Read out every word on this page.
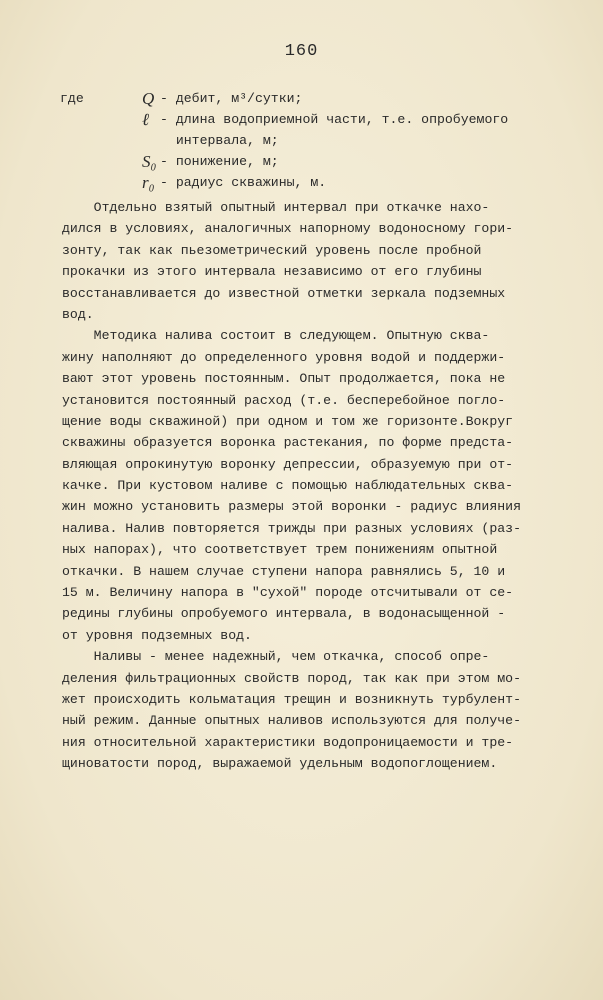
160
где	Q - дебит, м³/сутки;
ℓ - длина водоприемной части, т.е. опробуемого
интервала, м;
S₀ - понижение, м;
r₀ - радиус скважины, м.
Отдельно взятый опытный интервал при откачке нахо-
дился в условиях, аналогичных напорному водоносному гори-
зонту, так как пьезометрический уровень после пробной
прокачки из этого интервала независимо от его глубины
восстанавливается до известной отметки зеркала подземных
вод.
Методика налива состоит в следующем. Опытную сква-
жину наполняют до определенного уровня водой и поддержи-
вают этот уровень постоянным. Опыт продолжается, пока не
установится постоянный расход (т.е. бесперебойное погло-
щение воды скважиной) при одном и том же горизонте.Вокруг
скважины образуется воронка растекания, по форме предста-
вляющая опрокинутую воронку депрессии, образуемую при от-
качке. При кустовом наливе с помощью наблюдательных сква-
жин можно установить размеры этой воронки - радиус влияния
налива. Налив повторяется трижды при разных условиях (раз-
ных напорах), что соответствует трем понижениям опытной
откачки. В нашем случае ступени напора равнялись 5, 10 и
15 м. Величину напора в "сухой" породе отсчитывали от се-
редины глубины опробуемого интервала, в водонасыщенной -
от уровня подземных вод.
Наливы - менее надежный, чем откачка, способ опре-
деления фильтрационных свойств пород, так как при этом мо-
жет происходить кольматация трещин и возникнуть турбулент-
ный режим. Данные опытных наливов используются для получе-
ния относительной характеристики водопроницаемости и тре-
щиноватости пород, выражаемой удельным водопоглощением.
